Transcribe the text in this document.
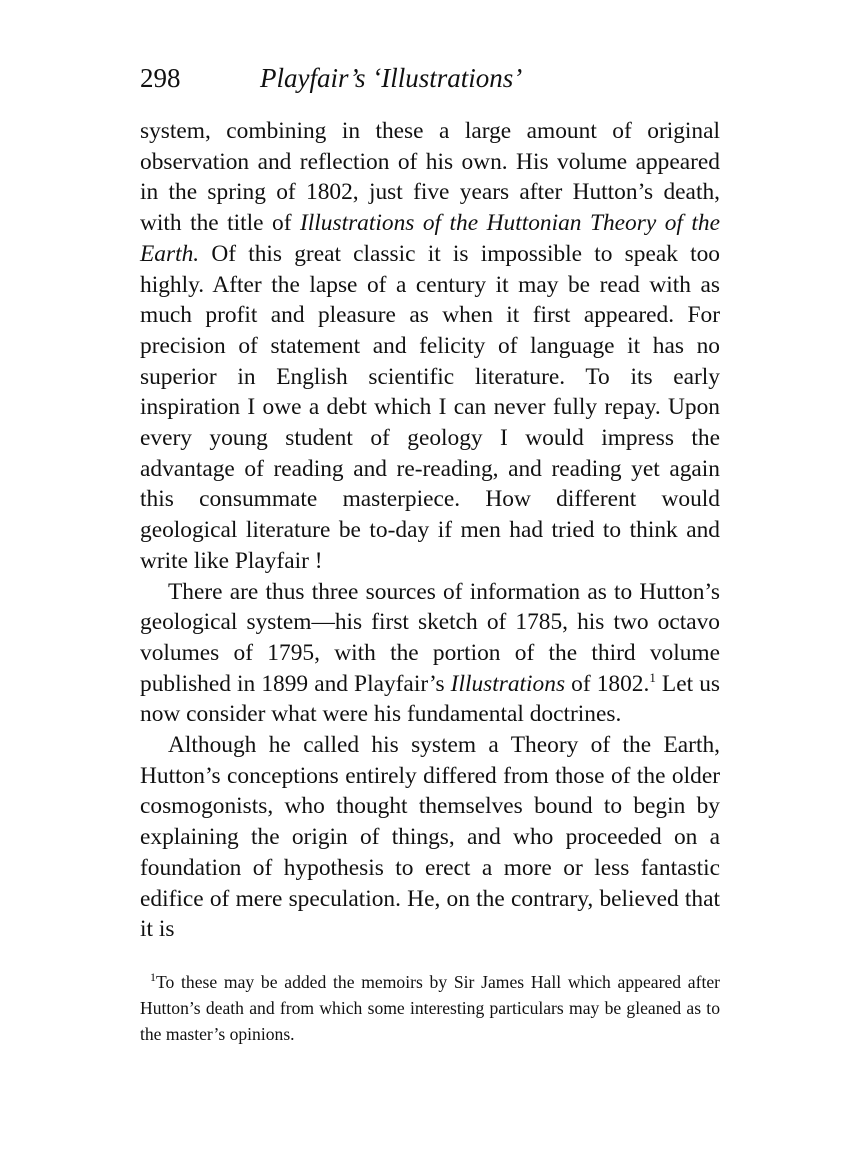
298	Playfair’s ‘Illustrations’

system, combining in these a large amount of original observation and reflection of his own. His volume appeared in the spring of 1802, just five years after Hutton’s death, with the title of Illustrations of the Huttonian Theory of the Earth. Of this great classic it is impossible to speak too highly. After the lapse of a century it may be read with as much profit and pleasure as when it first appeared. For precision of statement and felicity of language it has no superior in English scientific literature. To its early inspiration I owe a debt which I can never fully repay. Upon every young student of geology I would impress the advantage of reading and re-reading, and reading yet again this consummate masterpiece. How different would geological literature be to-day if men had tried to think and write like Playfair !

There are thus three sources of information as to Hutton’s geological system—his first sketch of 1785, his two octavo volumes of 1795, with the portion of the third volume published in 1899 and Playfair’s Illustrations of 1802.$^1$ Let us now consider what were his fundamental doctrines.

Although he called his system a Theory of the Earth, Hutton’s conceptions entirely differed from those of the older cosmogonists, who thought themselves bound to begin by explaining the origin of things, and who proceeded on a foundation of hypothesis to erect a more or less fantastic edifice of mere speculation. He, on the contrary, believed that it is

$^1$To these may be added the memoirs by Sir James Hall which appeared after Hutton’s death and from which some interesting particulars may be gleaned as to the master’s opinions.
